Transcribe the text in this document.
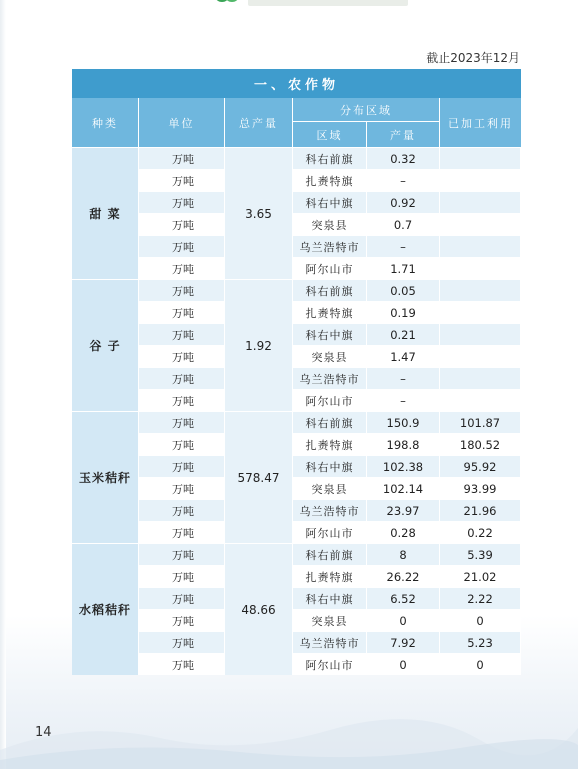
截止2023年12月
一、农作物
种类	单位	总产量
分布区域
区域	产量
已加工利用
甜 菜	3.65
万吨	科右前旗	0.32
万吨	扎赉特旗	–
万吨	科右中旗	0.92
万吨	突泉县	0.7
万吨	乌兰浩特市	–
万吨	阿尔山市	1.71
谷 子	1.92
万吨	科右前旗	0.05
万吨	扎赉特旗	0.19
万吨	科右中旗	0.21
万吨	突泉县	1.47
万吨	乌兰浩特市	–
万吨	阿尔山市	–
玉米秸秆	578.47
万吨	科右前旗	150.9	101.87
万吨	扎赉特旗	198.8	180.52
万吨	科右中旗	102.38	95.92
万吨	突泉县	102.14	93.99
万吨	乌兰浩特市	23.97	21.96
万吨	阿尔山市	0.28	0.22
水稻秸秆	48.66
万吨	科右前旗	8	5.39
万吨	扎赉特旗	26.22	21.02
万吨	科右中旗	6.52	2.22
万吨	突泉县	0	0
万吨	乌兰浩特市	7.92	5.23
万吨	阿尔山市	0	0
14
